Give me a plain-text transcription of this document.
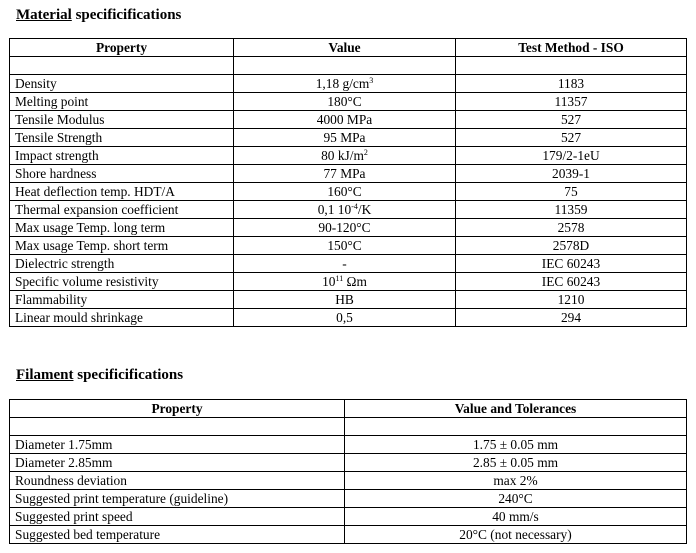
Material specificifications
Property	Value	Test Method - ISO

Density	1,18 $g/cm^3$	1183
Melting point	180°C	11357
Tensile Modulus	4000 MPa	527
Tensile Strength	95 MPa	527
Impact strength	80 $kJ/m^2$	179/2-1eU
Shore hardness	77 MPa	2039-1
Heat deflection temp. HDT/A	160°C	75
Thermal expansion coefficient	0,1 $10^{-4}/K$	11359
Max usage Temp. long term	90-120°C	2578
Max usage Temp. short term	150°C	2578D
Dielectric strength	-	IEC 60243
Specific volume resistivity	$10^{11}$ Ωm	IEC 60243
Flammability	HB	1210
Linear mould shrinkage	0,5	294
Filament specificifications
Property	Value and Tolerances

Diameter 1.75mm	1.75 ± 0.05 mm
Diameter 2.85mm	2.85 ± 0.05 mm
Roundness deviation	max 2%
Suggested print temperature (guideline)	240°C
Suggested print speed	40 mm/s
Suggested bed temperature	20°C (not necessary)
